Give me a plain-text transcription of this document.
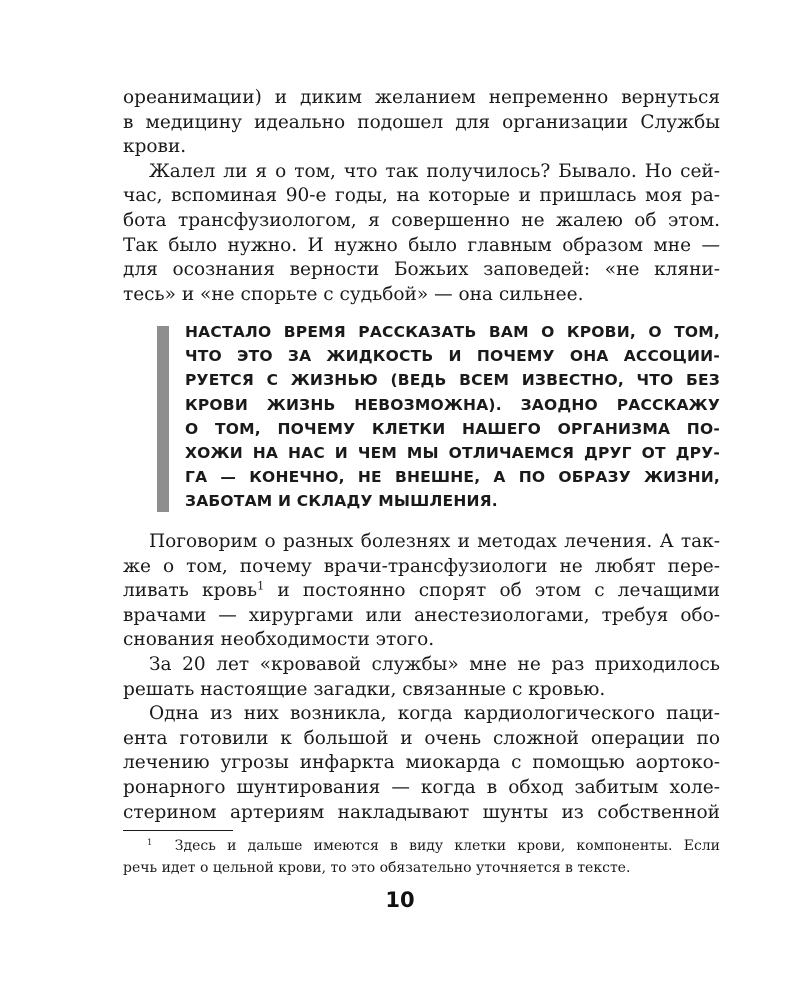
ореанимации) и диким желанием непременно вернуться
в медицину идеально подошел для организации Службы
крови.
Жалел ли я о том, что так получилось? Бывало. Но сей-
час, вспоминая 90-е годы, на которые и пришлась моя ра-
бота трансфузиологом, я совершенно не жалею об этом.
Так было нужно. И нужно было главным образом мне —
для осознания верности Божьих заповедей: «не кляни-
тесь» и «не спорьте с судьбой» — она сильнее.
НАСТАЛО ВРЕМЯ РАССКАЗАТЬ ВАМ О КРОВИ, О ТОМ,
ЧТО ЭТО ЗА ЖИДКОСТЬ И ПОЧЕМУ ОНА АССОЦИИ-
РУЕТСЯ С ЖИЗНЬЮ (ВЕДЬ ВСЕМ ИЗВЕСТНО, ЧТО БЕЗ
КРОВИ ЖИЗНЬ НЕВОЗМОЖНА). ЗАОДНО РАССКАЖУ
О ТОМ, ПОЧЕМУ КЛЕТКИ НАШЕГО ОРГАНИЗМА ПО-
ХОЖИ НА НАС И ЧЕМ МЫ ОТЛИЧАЕМСЯ ДРУГ ОТ ДРУ-
ГА — КОНЕЧНО, НЕ ВНЕШНЕ, А ПО ОБРАЗУ ЖИЗНИ,
ЗАБОТАМ И СКЛАДУ МЫШЛЕНИЯ.
Поговорим о разных болезнях и методах лечения. А так-
же о том, почему врачи-трансфузиологи не любят пере-
ливать кровь$^1$ и постоянно спорят об этом с лечащими
врачами — хирургами или анестезиологами, требуя обо-
снования необходимости этого.
За 20 лет «кровавой службы» мне не раз приходилось
решать настоящие загадки, связанные с кровью.
Одна из них возникла, когда кардиологического паци-
ента готовили к большой и очень сложной операции по
лечению угрозы инфаркта миокарда с помощью аортоко-
ронарного шунтирования — когда в обход забитым холе-
стерином артериям накладывают шунты из собственной
$^1$ Здесь и дальше имеются в виду клетки крови, компоненты. Если
речь идет о цельной крови, то это обязательно уточняется в тексте.
10
